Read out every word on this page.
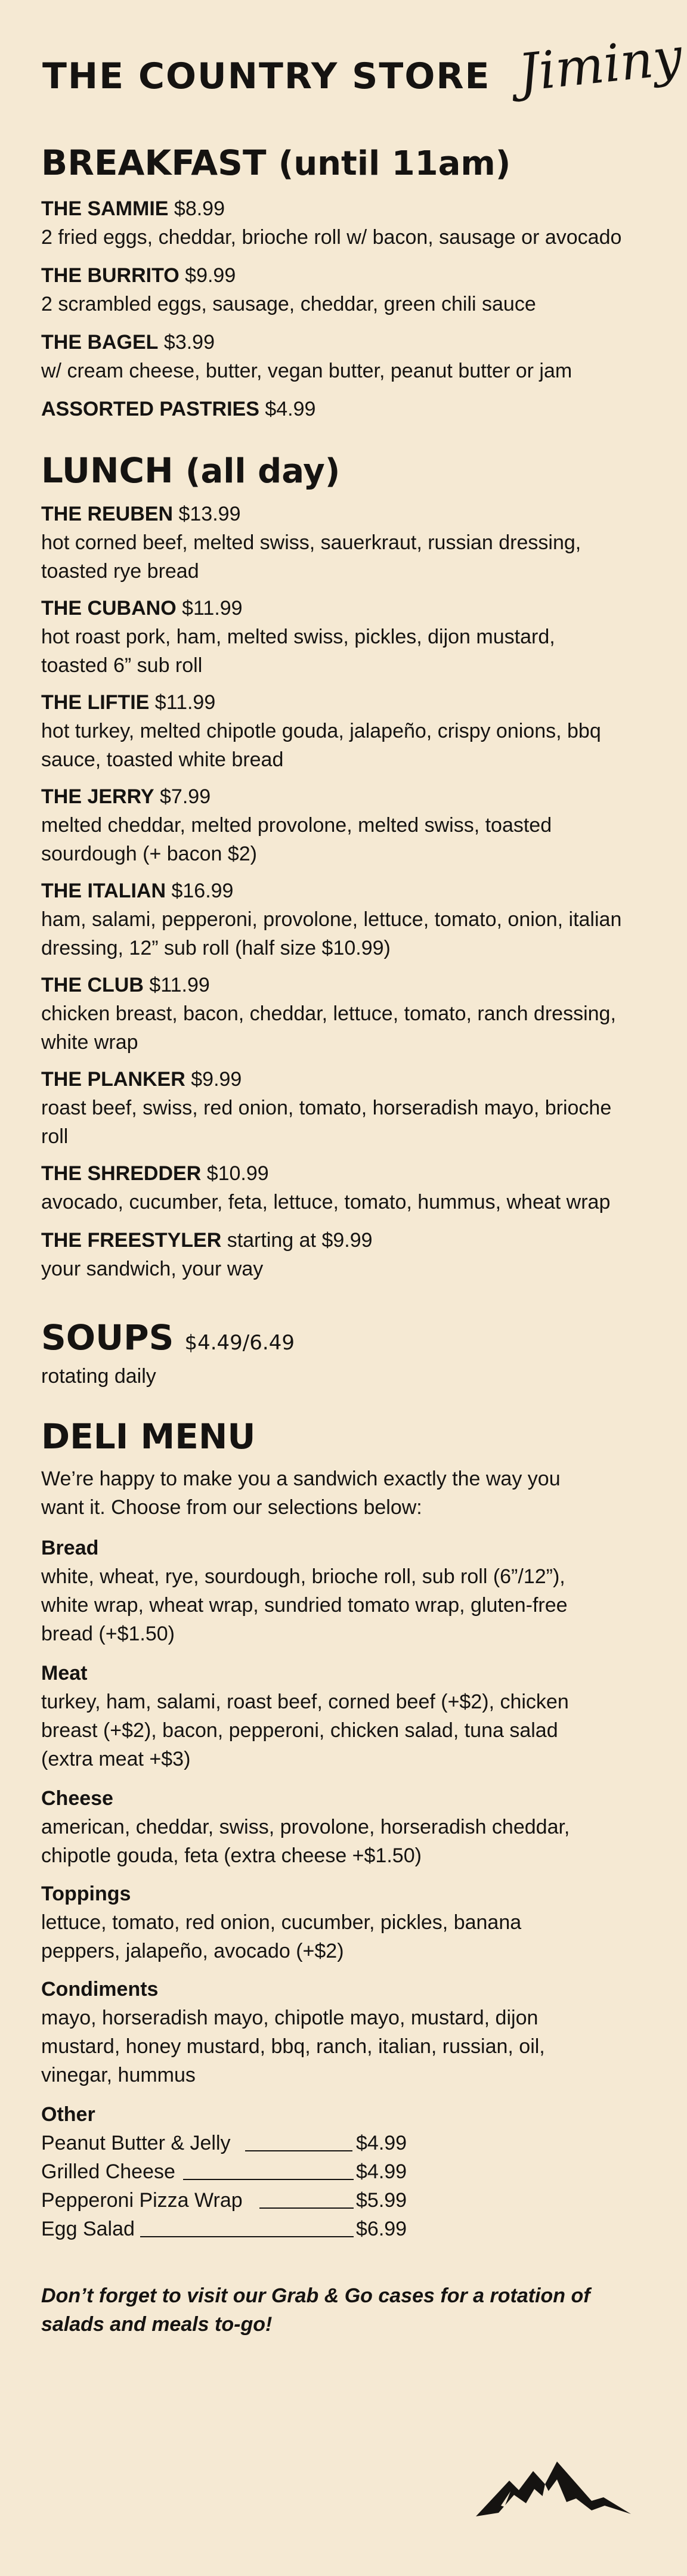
THE COUNTRY STORE Jiminy
BREAKFAST (until 11am)
THE SAMMIE $8.99
2 fried eggs, cheddar, brioche roll w/ bacon, sausage or avocado
THE BURRITO $9.99
2 scrambled eggs, sausage, cheddar, green chili sauce
THE BAGEL $3.99
w/ cream cheese, butter, vegan butter, peanut butter or jam
ASSORTED PASTRIES $4.99
LUNCH (all day)
THE REUBEN $13.99
hot corned beef, melted swiss, sauerkraut, russian dressing,
toasted rye bread
THE CUBANO $11.99
hot roast pork, ham, melted swiss, pickles, dijon mustard,
toasted 6” sub roll
THE LIFTIE $11.99
hot turkey, melted chipotle gouda, jalapeño, crispy onions, bbq
sauce, toasted white bread
THE JERRY $7.99
melted cheddar, melted provolone, melted swiss, toasted
sourdough (+ bacon $2)
THE ITALIAN $16.99
ham, salami, pepperoni, provolone, lettuce, tomato, onion, italian
dressing, 12” sub roll (half size $10.99)
THE CLUB $11.99
chicken breast, bacon, cheddar, lettuce, tomato, ranch dressing,
white wrap
THE PLANKER $9.99
roast beef, swiss, red onion, tomato, horseradish mayo, brioche
roll
THE SHREDDER $10.99
avocado, cucumber, feta, lettuce, tomato, hummus, wheat wrap
THE FREESTYLER starting at $9.99
your sandwich, your way
SOUPS $4.49/6.49
rotating daily
DELI MENU
We’re happy to make you a sandwich exactly the way you
want it. Choose from our selections below:
Bread
white, wheat, rye, sourdough, brioche roll, sub roll (6”/12”),
white wrap, wheat wrap, sundried tomato wrap, gluten-free
bread (+$1.50)
Meat
turkey, ham, salami, roast beef, corned beef (+$2), chicken
breast (+$2), bacon, pepperoni, chicken salad, tuna salad
(extra meat +$3)
Cheese
american, cheddar, swiss, provolone, horseradish cheddar,
chipotle gouda, feta (extra cheese +$1.50)
Toppings
lettuce, tomato, red onion, cucumber, pickles, banana
peppers, jalapeño, avocado (+$2)
Condiments
mayo, horseradish mayo, chipotle mayo, mustard, dijon
mustard, honey mustard, bbq, ranch, italian, russian, oil,
vinegar, hummus
Other
Peanut Butter & Jelly	$4.99
Grilled Cheese	$4.99
Pepperoni Pizza Wrap	$5.99
Egg Salad	$6.99
Don’t forget to visit our Grab & Go cases for a rotation of
salads and meals to-go!
